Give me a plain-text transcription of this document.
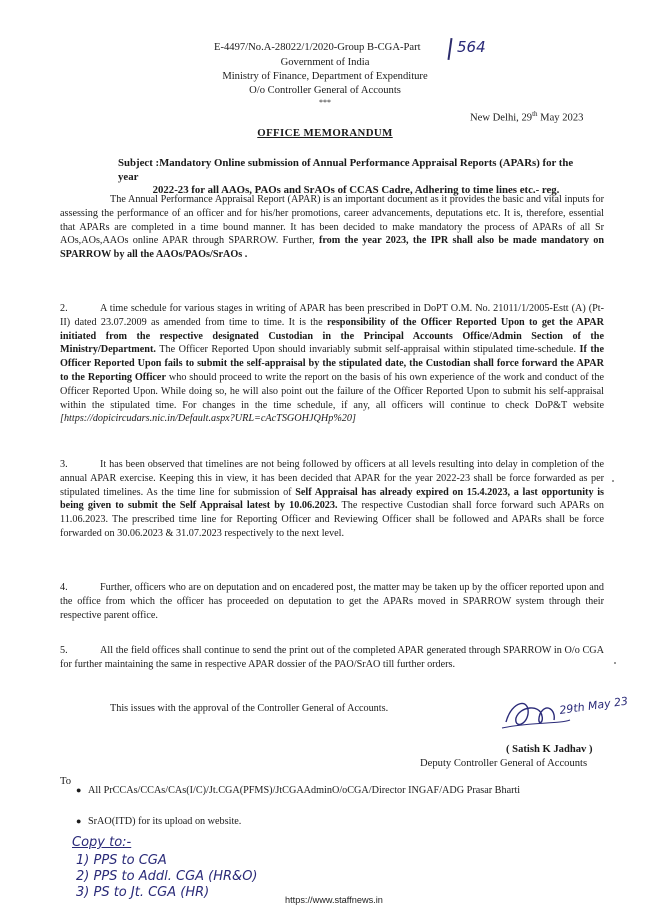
E-4497/No.A-28022/1/2020-Group B-CGA-Part 564
Government of India
Ministry of Finance, Department of Expenditure
O/o Controller General of Accounts
***
New Delhi, 29th May 2023
OFFICE MEMORANDUM
Subject :Mandatory Online submission of Annual Performance Appraisal Reports (APARs) for the year
2022-23 for all AAOs, PAOs and SrAOs of CCAS Cadre, Adhering to time lines etc.- reg.
The Annual Performance Appraisal Report (APAR) is an important document as it provides the basic and vital inputs for assessing the performance of an officer and for his/her promotions, career advancements, deputations etc. It is, therefore, essential that APARs are completed in a time bound manner. It has been decided to make mandatory the process of APARs of all Sr AOs,AOs,AAOs online APAR through SPARROW. Further, from the year 2023, the IPR shall also be made mandatory on SPARROW by all the AAOs/PAOs/SrAOs .
2.	A time schedule for various stages in writing of APAR has been prescribed in DoPT O.M. No. 21011/1/2005-Estt (A) (Pt-II) dated 23.07.2009 as amended from time to time. It is the responsibility of the Officer Reported Upon to get the APAR initiated from the respective designated Custodian in the Principal Accounts Office/Admin Section of the Ministry/Department. The Officer Reported Upon should invariably submit self-appraisal within stipulated time-schedule. If the Officer Reported Upon fails to submit the self-appraisal by the stipulated date, the Custodian shall force forward the APAR to the Reporting Officer who should proceed to write the report on the basis of his own experience of the work and conduct of the Officer Reported Upon. While doing so, he will also point out the failure of the Officer Reported Upon to submit his self-appraisal within the stipulated time. For changes in the time schedule, if any, all officers will continue to check DoP&T website [https://dopicircudars.nic.in/Default.aspx?URL=cAcTSGOHJQHp%20]
3.	It has been observed that timelines are not being followed by officers at all levels resulting into delay in completion of the annual APAR exercise. Keeping this in view, it has been decided that APAR for the year 2022-23 shall be force forwarded as per stipulated timelines. As the time line for submission of Self Appraisal has already expired on 15.4.2023, a last opportunity is being given to submit the Self Appraisal latest by 10.06.2023. The respective Custodian shall force forward such APARs on 11.06.2023. The prescribed time line for Reporting Officer and Reviewing Officer shall be followed and APARs shall be force forwarded on 30.06.2023 & 31.07.2023 respectively to the next level.
4.	Further, officers who are on deputation and on encadered post, the matter may be taken up by the officer reported upon and the office from which the officer has proceeded on deputation to get the APARs moved in SPARROW system through their respective parent office.
5.	All the field offices shall continue to send the print out of the completed APAR generated through SPARROW in O/o CGA for further maintaining the same in respective APAR dossier of the PAO/SrAO till further orders.
This issues with the approval of the Controller General of Accounts.	29th May 23
( Satish K Jadhav )
Deputy Controller General of Accounts
To
● All PrCCAs/CCAs/CAs(I/C)/Jt.CGA(PFMS)/JtCGAAdminO/oCGA/Director INGAF/ADG Prasar Bharti
● SrAO(ITD) for its upload on website.
Copy to:-
1) PPS to CGA
2) PPS to Addl. CGA (HR&O)
3) PS to Jt. CGA (HR)	https://www.staffnews.in
